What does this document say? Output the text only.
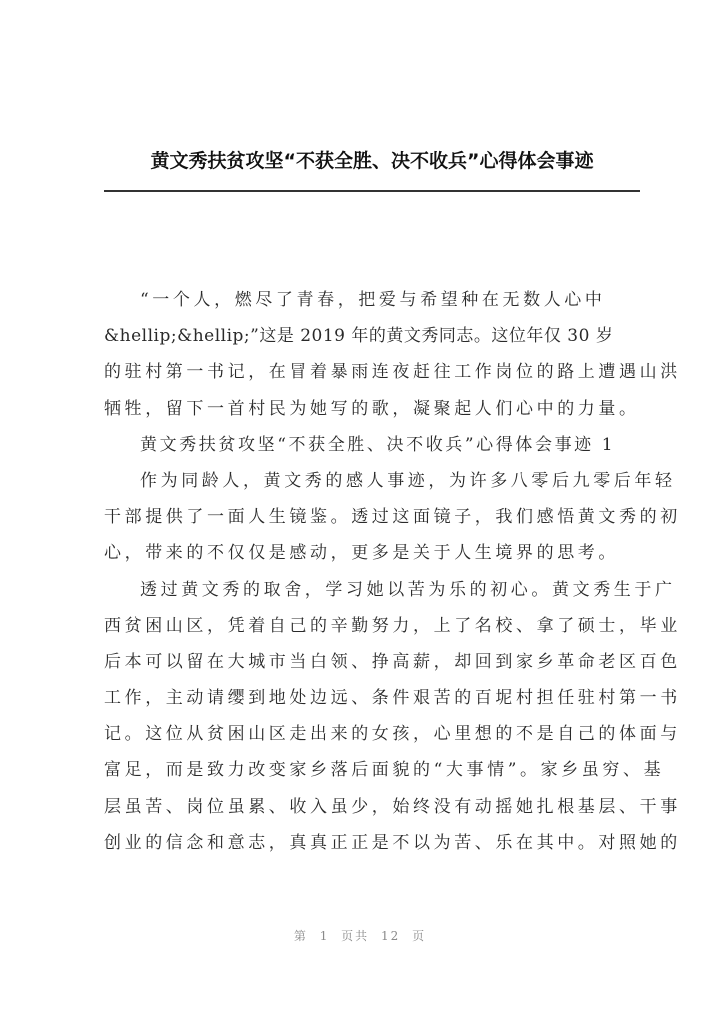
黄文秀扶贫攻坚“不获全胜、决不收兵”心得体会事迹
“一个人，燃尽了青春，把爱与希望种在无数人心中
&hellip;&hellip;”这是 2019 年的黄文秀同志。这位年仅 30 岁
的驻村第一书记，在冒着暴雨连夜赶往工作岗位的路上遭遇山洪
牺牲，留下一首村民为她写的歌，凝聚起人们心中的力量。
黄文秀扶贫攻坚“不获全胜、决不收兵”心得体会事迹 1
作为同龄人，黄文秀的感人事迹，为许多八零后九零后年轻
干部提供了一面人生镜鉴。透过这面镜子，我们感悟黄文秀的初
心，带来的不仅仅是感动，更多是关于人生境界的思考。
透过黄文秀的取舍，学习她以苦为乐的初心。黄文秀生于广
西贫困山区，凭着自己的辛勤努力，上了名校、拿了硕士，毕业
后本可以留在大城市当白领、挣高薪，却回到家乡革命老区百色
工作，主动请缨到地处边远、条件艰苦的百坭村担任驻村第一书
记。这位从贫困山区走出来的女孩，心里想的不是自己的体面与
富足，而是致力改变家乡落后面貌的“大事情”。家乡虽穷、基
层虽苦、岗位虽累、收入虽少，始终没有动摇她扎根基层、干事
创业的信念和意志，真真正正是不以为苦、乐在其中。对照她的
第 1 页共 12 页
